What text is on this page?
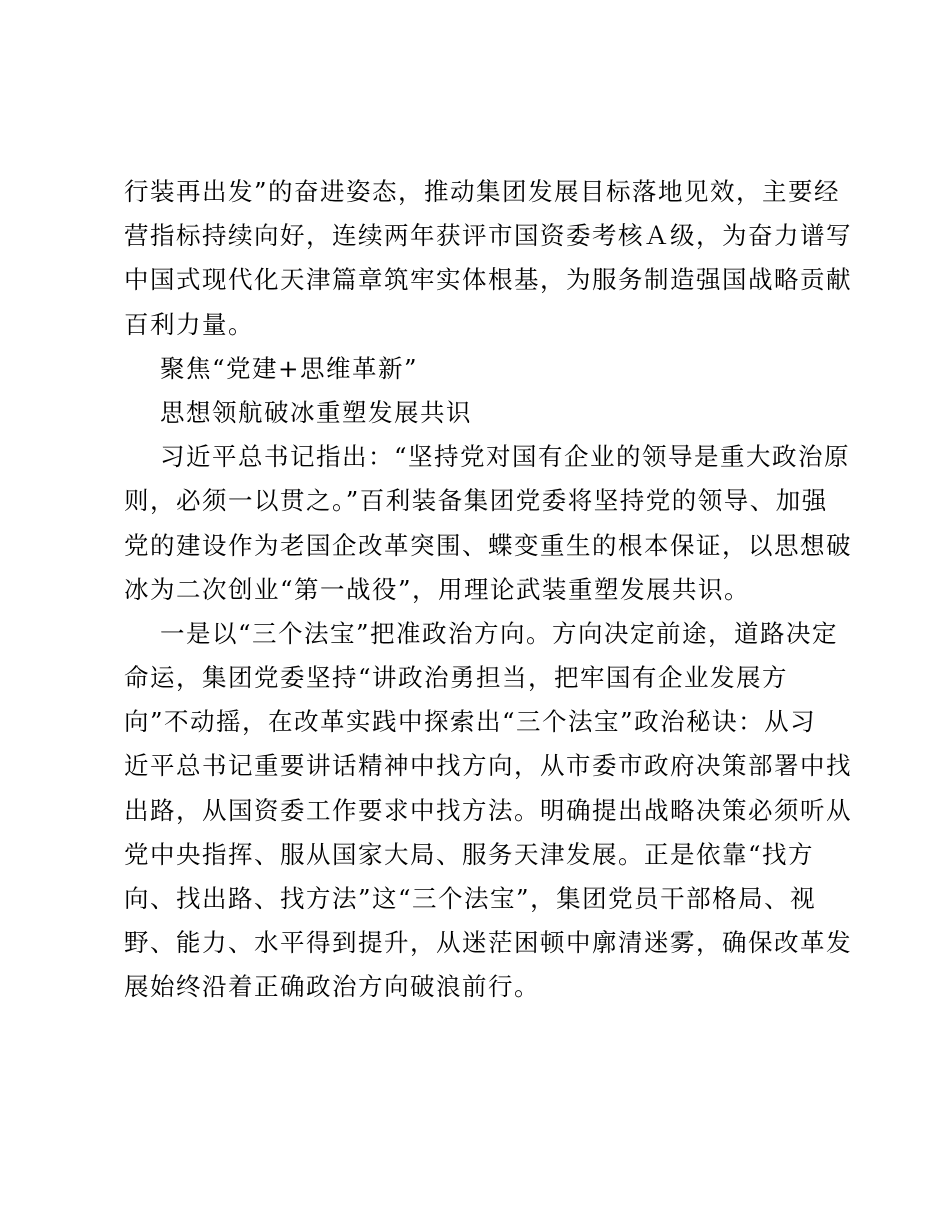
行装再出发”的奋进姿态，推动集团发展目标落地见效，主要经
营指标持续向好，连续两年获评市国资委考核Ａ级，为奋力谱写
中国式现代化天津篇章筑牢实体根基，为服务制造强国战略贡献
百利力量。
聚焦“党建+思维革新”
思想领航破冰重塑发展共识
习近平总书记指出：“坚持党对国有企业的领导是重大政治原
则，必须一以贯之。”百利装备集团党委将坚持党的领导、加强
党的建设作为老国企改革突围、蝶变重生的根本保证，以思想破
冰为二次创业“第一战役”，用理论武装重塑发展共识。
一是以“三个法宝”把准政治方向。方向决定前途，道路决定
命运，集团党委坚持“讲政治勇担当，把牢国有企业发展方
向”不动摇，在改革实践中探索出“三个法宝”政治秘诀：从习
近平总书记重要讲话精神中找方向，从市委市政府决策部署中找
出路，从国资委工作要求中找方法。明确提出战略决策必须听从
党中央指挥、服从国家大局、服务天津发展。正是依靠“找方
向、找出路、找方法”这“三个法宝”，集团党员干部格局、视
野、能力、水平得到提升，从迷茫困顿中廓清迷雾，确保改革发
展始终沿着正确政治方向破浪前行。
